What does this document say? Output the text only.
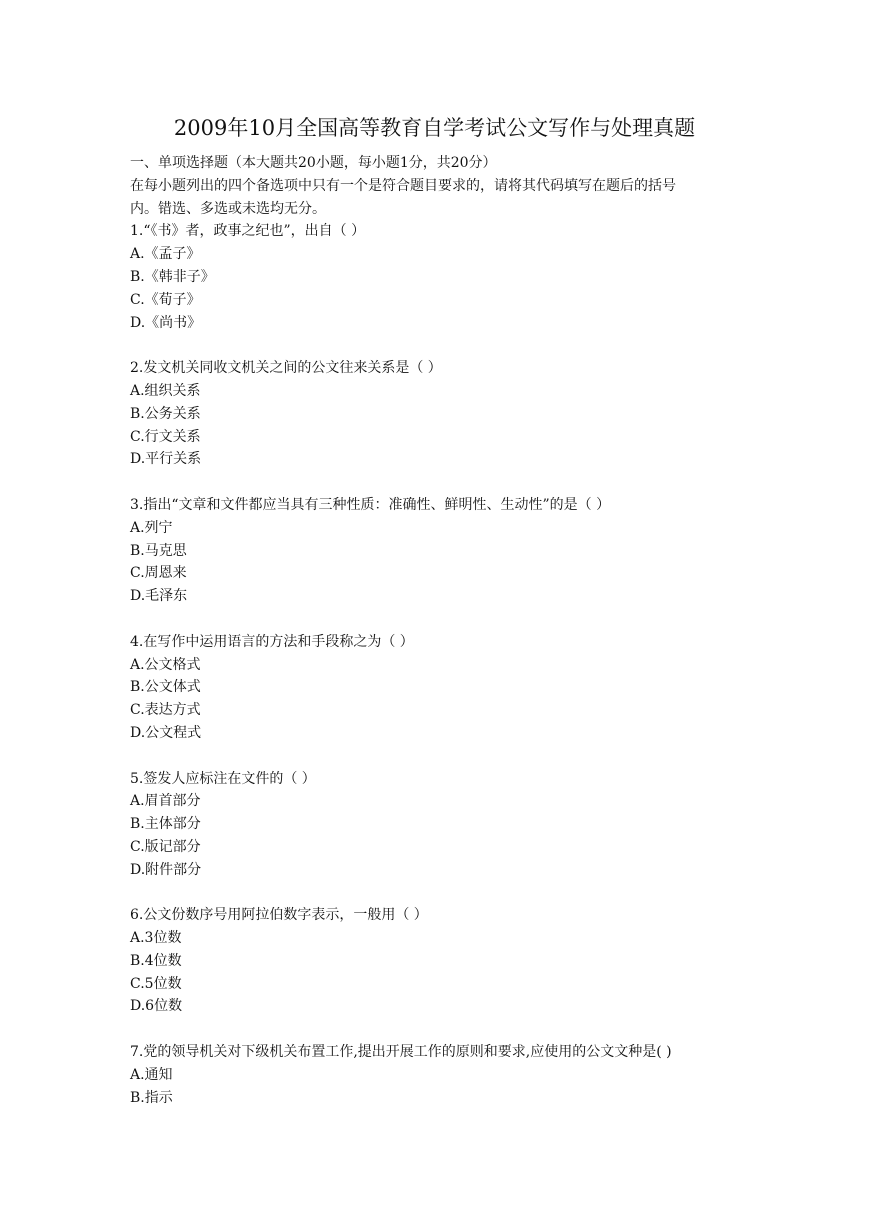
2009年10月全国高等教育自学考试公文写作与处理真题

一、单项选择题（本大题共20小题，每小题1分，共20分）

在每小题列出的四个备选项中只有一个是符合题目要求的，请将其代码填写在题后的括号

内。错选、多选或未选均无分。

1.“《书》者，政事之纪也”，出自（ ）

A.《孟子》

B.《韩非子》

C.《荀子》

D.《尚书》

2.发文机关同收文机关之间的公文往来关系是（ ）

A.组织关系

B.公务关系

C.行文关系

D.平行关系

3.指出“文章和文件都应当具有三种性质：准确性、鲜明性、生动性”的是（ ）

A.列宁

B.马克思

C.周恩来

D.毛泽东

4.在写作中运用语言的方法和手段称之为（ ）

A.公文格式

B.公文体式

C.表达方式

D.公文程式

5.签发人应标注在文件的（ ）

A.眉首部分

B.主体部分

C.版记部分

D.附件部分

6.公文份数序号用阿拉伯数字表示，一般用（ ）

A.3位数

B.4位数

C.5位数

D.6位数

7.党的领导机关对下级机关布置工作,提出开展工作的原则和要求,应使用的公文文种是( )

A.通知

B.指示
